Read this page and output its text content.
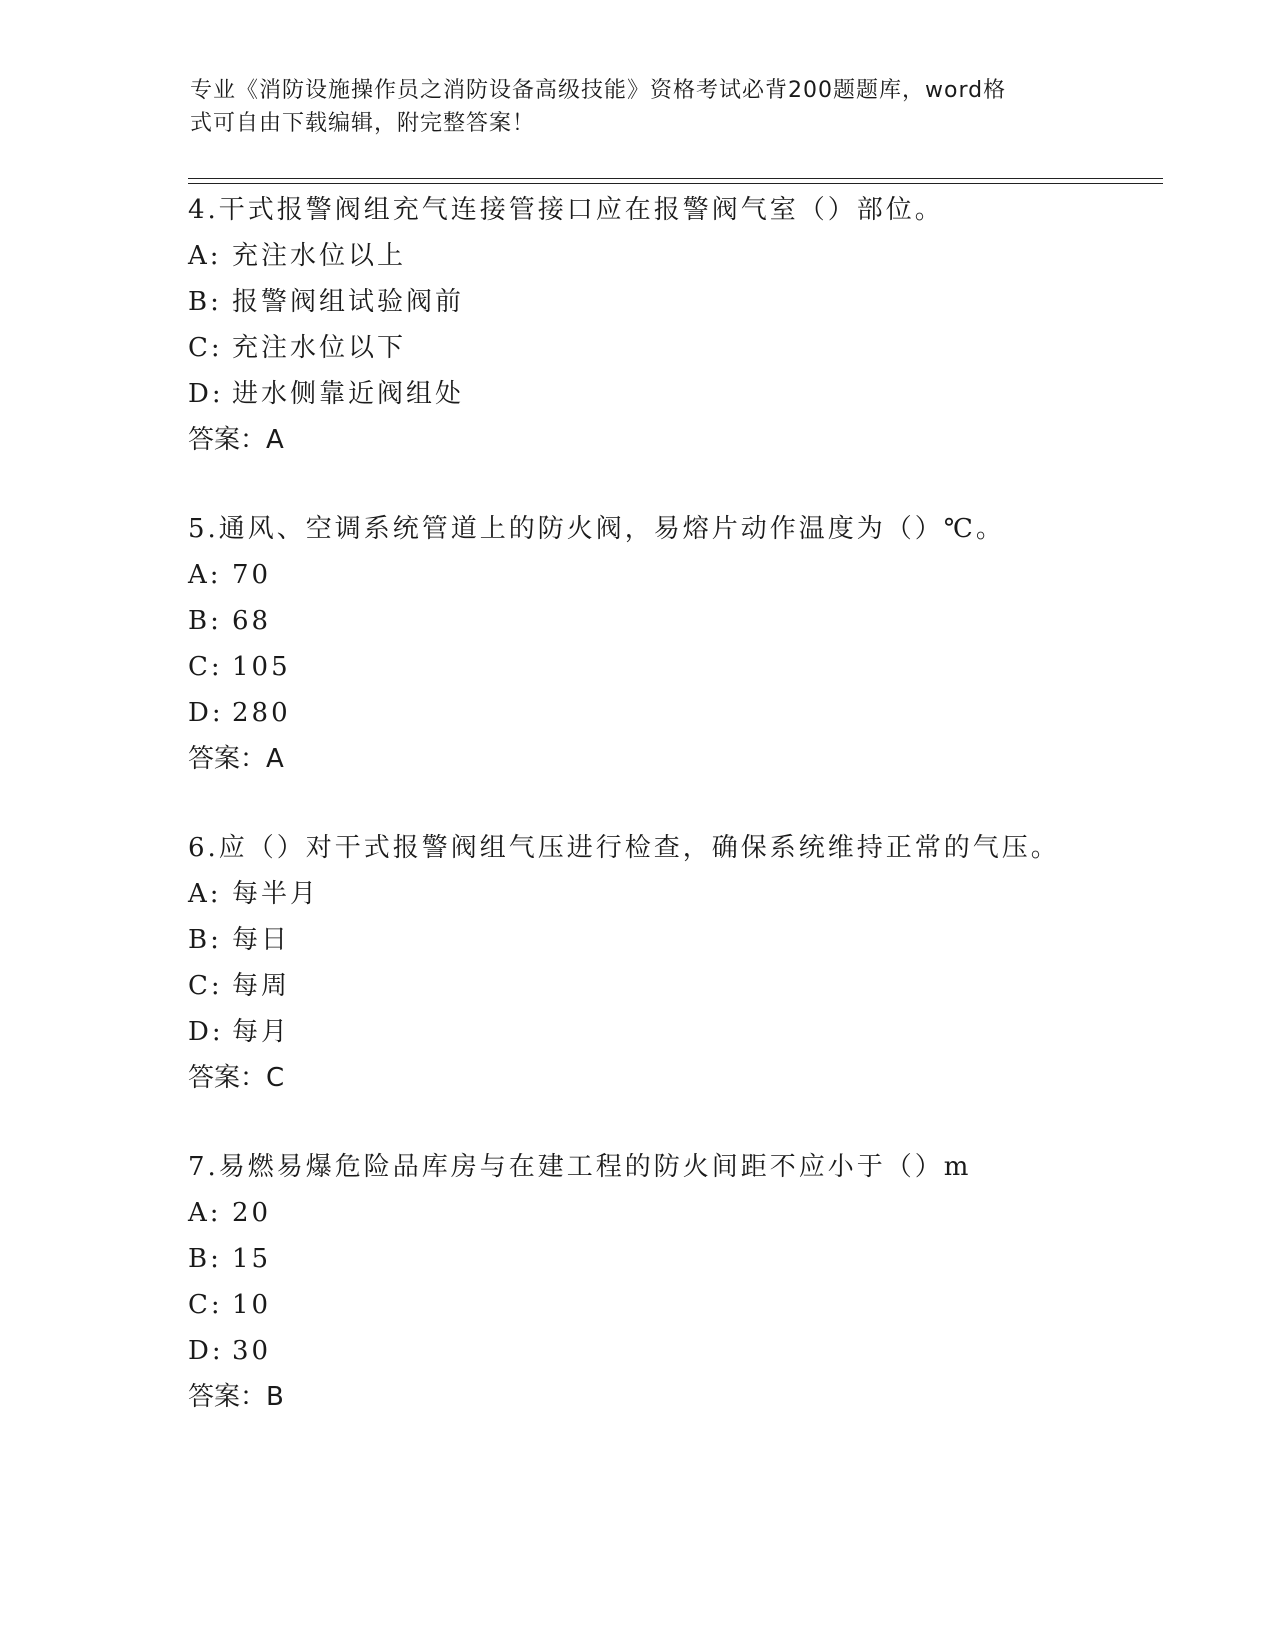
专业《消防设施操作员之消防设备高级技能》资格考试必背200题题库，word格
式可自由下载编辑，附完整答案！

4.干式报警阀组充气连接管接口应在报警阀气室（）部位。

A: 充注水位以上
B: 报警阀组试验阀前
C: 充注水位以下
D: 进水侧靠近阀组处
答案：A

5.通风、空调系统管道上的防火阀，易熔片动作温度为（）℃。

A: 70
B: 68
C: 105
D: 280
答案：A

6.应（）对干式报警阀组气压进行检查，确保系统维持正常的气压。

A: 每半月
B: 每日
C: 每周
D: 每月
答案：C

7.易燃易爆危险品库房与在建工程的防火间距不应小于（）m

A: 20
B: 15
C: 10
D: 30
答案：B
